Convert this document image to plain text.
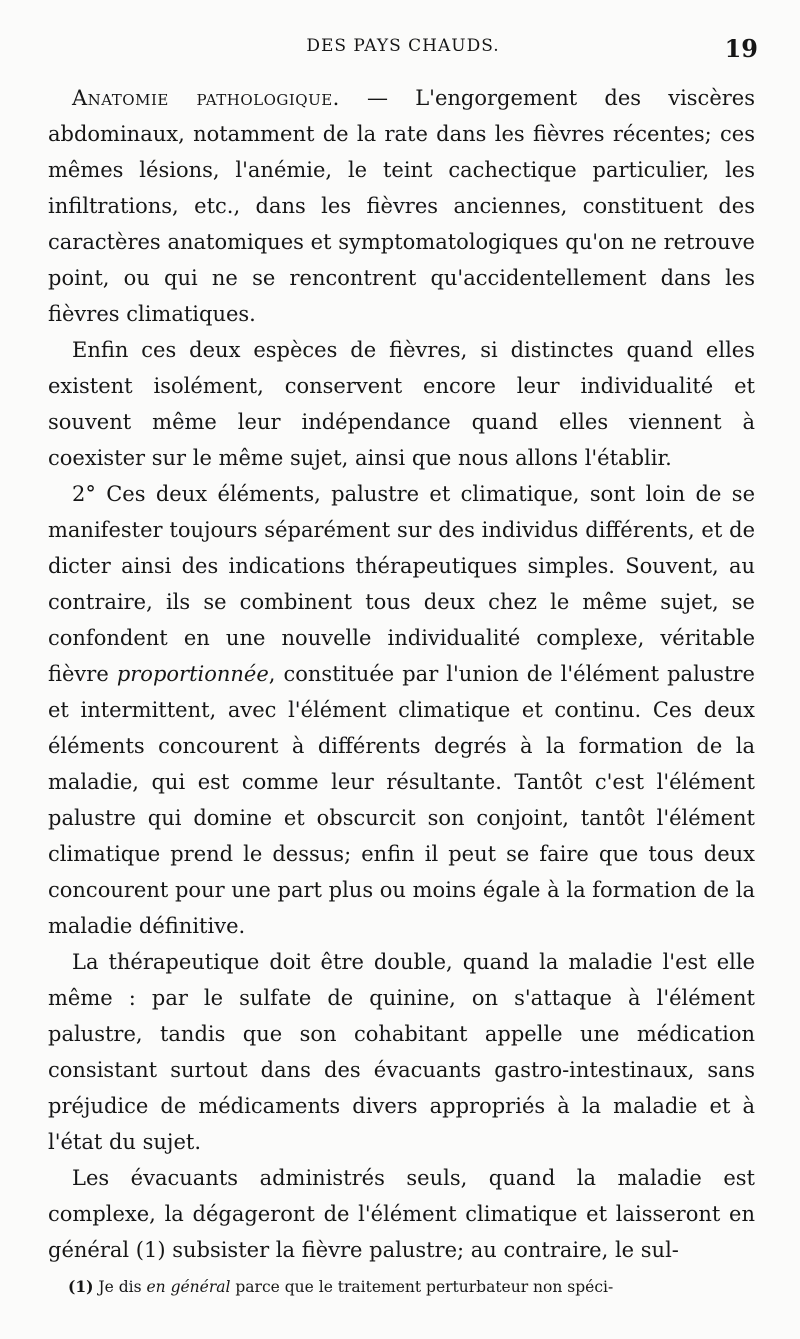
DES PAYS CHAUDS.	19

Anatomie pathologique. — L'engorgement des viscères abdominaux, notamment de la rate dans les fièvres récentes; ces mêmes lésions, l'anémie, le teint cachectique particulier, les infiltrations, etc., dans les fièvres anciennes, constituent des caractères anatomiques et symptomatologiques qu'on ne retrouve point, ou qui ne se rencontrent qu'accidentellement dans les fièvres climatiques.

Enfin ces deux espèces de fièvres, si distinctes quand elles existent isolément, conservent encore leur individualité et souvent même leur indépendance quand elles viennent à coexister sur le même sujet, ainsi que nous allons l'établir.

2° Ces deux éléments, palustre et climatique, sont loin de se manifester toujours séparément sur des individus différents, et de dicter ainsi des indications thérapeutiques simples. Souvent, au contraire, ils se combinent tous deux chez le même sujet, se confondent en une nouvelle individualité complexe, véritable fièvre proportionnée, constituée par l'union de l'élément palustre et intermittent, avec l'élément climatique et continu. Ces deux éléments concourent à différents degrés à la formation de la maladie, qui est comme leur résultante. Tantôt c'est l'élément palustre qui domine et obscurcit son conjoint, tantôt l'élément climatique prend le dessus; enfin il peut se faire que tous deux concourent pour une part plus ou moins égale à la formation de la maladie définitive.

La thérapeutique doit être double, quand la maladie l'est elle même : par le sulfate de quinine, on s'attaque à l'élément palustre, tandis que son cohabitant appelle une médication consistant surtout dans des évacuants gastro-intestinaux, sans préjudice de médicaments divers appropriés à la maladie et à l'état du sujet.

Les évacuants administrés seuls, quand la maladie est complexe, la dégageront de l'élément climatique et laisseront en général (1) subsister la fièvre palustre; au contraire, le sul-

(1) Je dis en général parce que le traitement perturbateur non spéci-
